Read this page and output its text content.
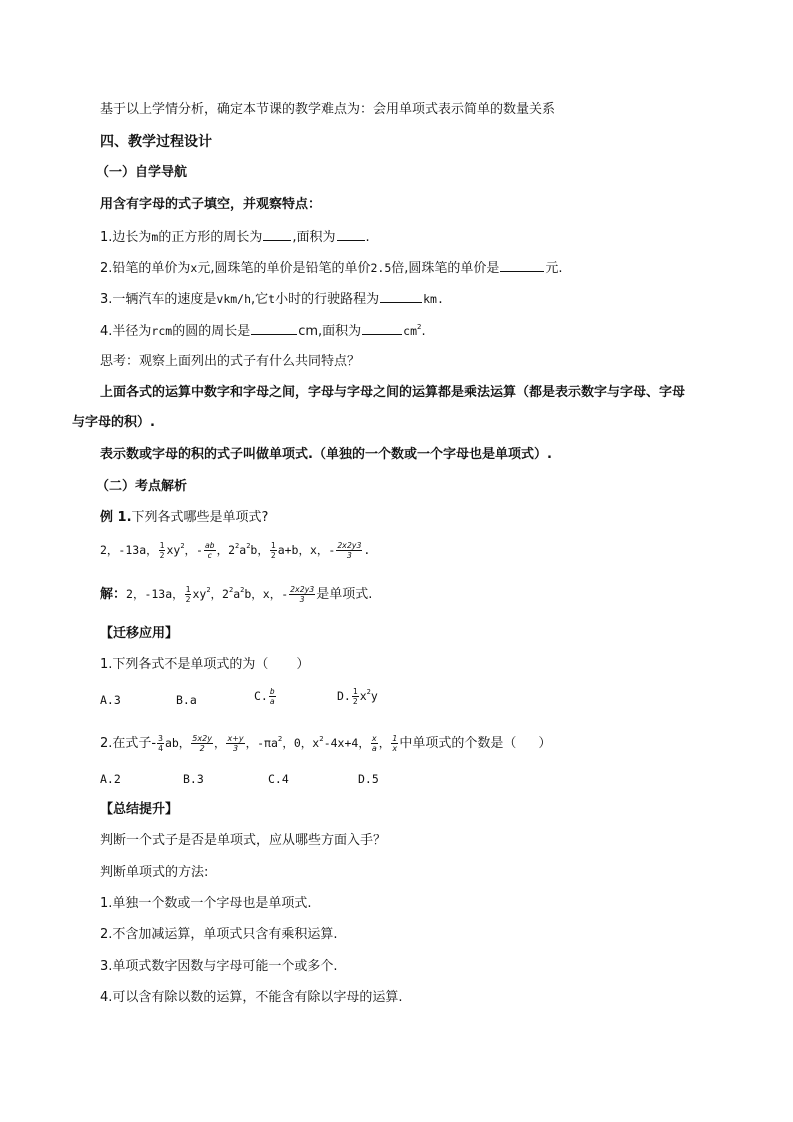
基于以上学情分析，确定本节课的教学难点为：会用单项式表示简单的数量关系
四、教学过程设计
（一）自学导航
用含有字母的式子填空，并观察特点：
1.边长为m的正方形的周长为 ,面积为 .
2.铅笔的单价为x元,圆珠笔的单价是铅笔的单价2.5倍,圆珠笔的单价是	元.
3.一辆汽车的速度是vkm/h,它t小时的行驶路程为	km.
4.半径为rcm的圆的周长是	cm,面积为	$cm^2$.
思考：观察上面列出的式子有什么共同特点？
上面各式的运算中数字和字母之间，字母与字母之间的运算都是乘法运算（都是表示数字与字母、字母
与字母的积）.
表示数或字母的积的式子叫做单项式.（单独的一个数或一个字母也是单项式）.
（二）考点解析
例 1.下列各式哪些是单项式?
2，-13a， $\frac{1}{2} xy^2$，- $\frac{ab}{c}$ ，$2^2a^2b$， $\frac{1}{2} a+b$，x，- $\frac{2x2y3}{3}$ .
解：2，-13a， $\frac{1}{2} xy^2$，$2^2a^2b$，x，- $\frac{2x2y3}{3}$ 是单项式.
【迁移应用】
1.下列各式不是单项式的为（ ）
A.3	B.a	C. $\frac{b}{a}$	D. $\frac{1}{2} x^2y$
2.在式子- $\frac{3}{4}$ ab， $\frac{5x2y}{2}$ ， $\frac{x+y}{3}$ ，$-\pi a^2$，0，$x^2-4x+4$， $\frac{x}{a}$ ， $\frac{1}{x}$ 中单项式的个数是（ ）
A.2	B.3	C.4	D.5
【总结提升】
判断一个式子是否是单项式，应从哪些方面入手？
判断单项式的方法:
1.单独一个数或一个字母也是单项式.
2.不含加减运算，单项式只含有乘积运算.
3.单项式数字因数与字母可能一个或多个.
4.可以含有除以数的运算，不能含有除以字母的运算.
